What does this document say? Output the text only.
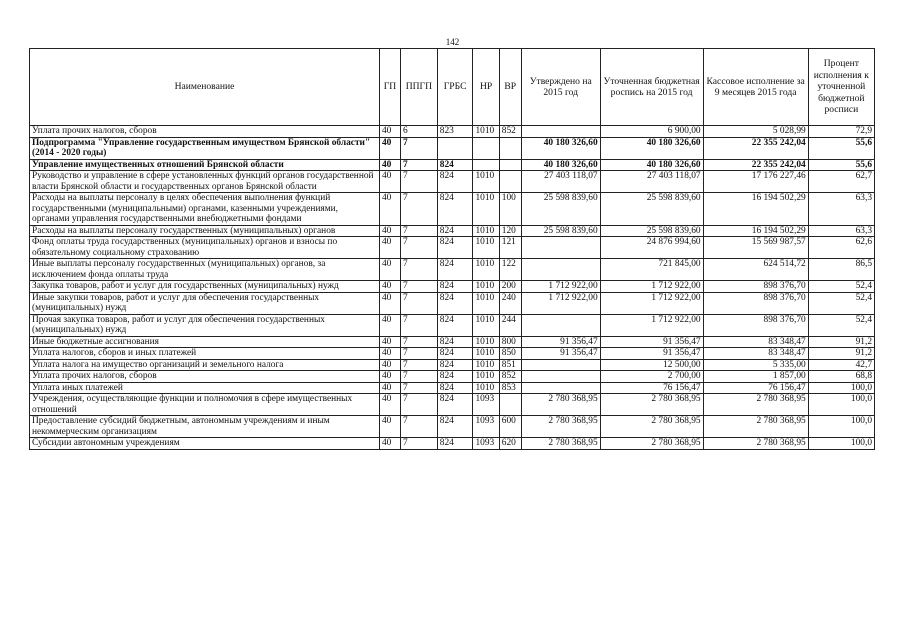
142
Наименование	ГП	ППГП	ГРБС	НР	ВР	Утверждено на 2015 год	Уточненная бюджетная роспись на 2015 год	Кассовое исполнение за 9 месяцев 2015 года	Процент исполнения к уточненной бюджетной росписи
Уплата прочих налогов, сборов	40	6	823	1010	852		6 900,00	5 028,99	72,9
Подпрограмма "Управление государственным имуществом Брянской области" (2014 - 2020 годы)	40	7				40 180 326,60	40 180 326,60	22 355 242,04	55,6
Управление имущественных отношений Брянской области	40	7	824			40 180 326,60	40 180 326,60	22 355 242,04	55,6
Руководство и управление в сфере установленных функций органов государственной власти Брянской области и государственных органов Брянской области	40	7	824	1010		27 403 118,07	27 403 118,07	17 176 227,46	62,7
Расходы на выплаты персоналу в целях обеспечения выполнения функций государственными (муниципальными) органами, казенными учреждениями, органами управления государственными внебюджетными фондами	40	7	824	1010	100	25 598 839,60	25 598 839,60	16 194 502,29	63,3
Расходы на выплаты персоналу государственных (муниципальных) органов	40	7	824	1010	120	25 598 839,60	25 598 839,60	16 194 502,29	63,3
Фонд оплаты труда государственных (муниципальных) органов и взносы по обязательному социальному страхованию	40	7	824	1010	121		24 876 994,60	15 569 987,57	62,6
Иные выплаты персоналу государственных (муниципальных) органов, за исключением фонда оплаты труда	40	7	824	1010	122		721 845,00	624 514,72	86,5
Закупка товаров, работ и услуг для государственных (муниципальных) нужд	40	7	824	1010	200	1 712 922,00	1 712 922,00	898 376,70	52,4
Иные закупки товаров, работ и услуг для обеспечения государственных (муниципальных) нужд	40	7	824	1010	240	1 712 922,00	1 712 922,00	898 376,70	52,4
Прочая закупка товаров, работ и услуг для обеспечения государственных (муниципальных) нужд	40	7	824	1010	244		1 712 922,00	898 376,70	52,4
Иные бюджетные ассигнования	40	7	824	1010	800	91 356,47	91 356,47	83 348,47	91,2
Уплата налогов, сборов и иных платежей	40	7	824	1010	850	91 356,47	91 356,47	83 348,47	91,2
Уплата налога на имущество организаций и земельного налога	40	7	824	1010	851		12 500,00	5 335,00	42,7
Уплата прочих налогов, сборов	40	7	824	1010	852		2 700,00	1 857,00	68,8
Уплата иных платежей	40	7	824	1010	853		76 156,47	76 156,47	100,0
Учреждения, осуществляющие функции и полномочия в сфере имущественных отношений	40	7	824	1093		2 780 368,95	2 780 368,95	2 780 368,95	100,0
Предоставление субсидий бюджетным, автономным учреждениям и иным некоммерческим организациям	40	7	824	1093	600	2 780 368,95	2 780 368,95	2 780 368,95	100,0
Субсидии автономным учреждениям	40	7	824	1093	620	2 780 368,95	2 780 368,95	2 780 368,95	100,0
